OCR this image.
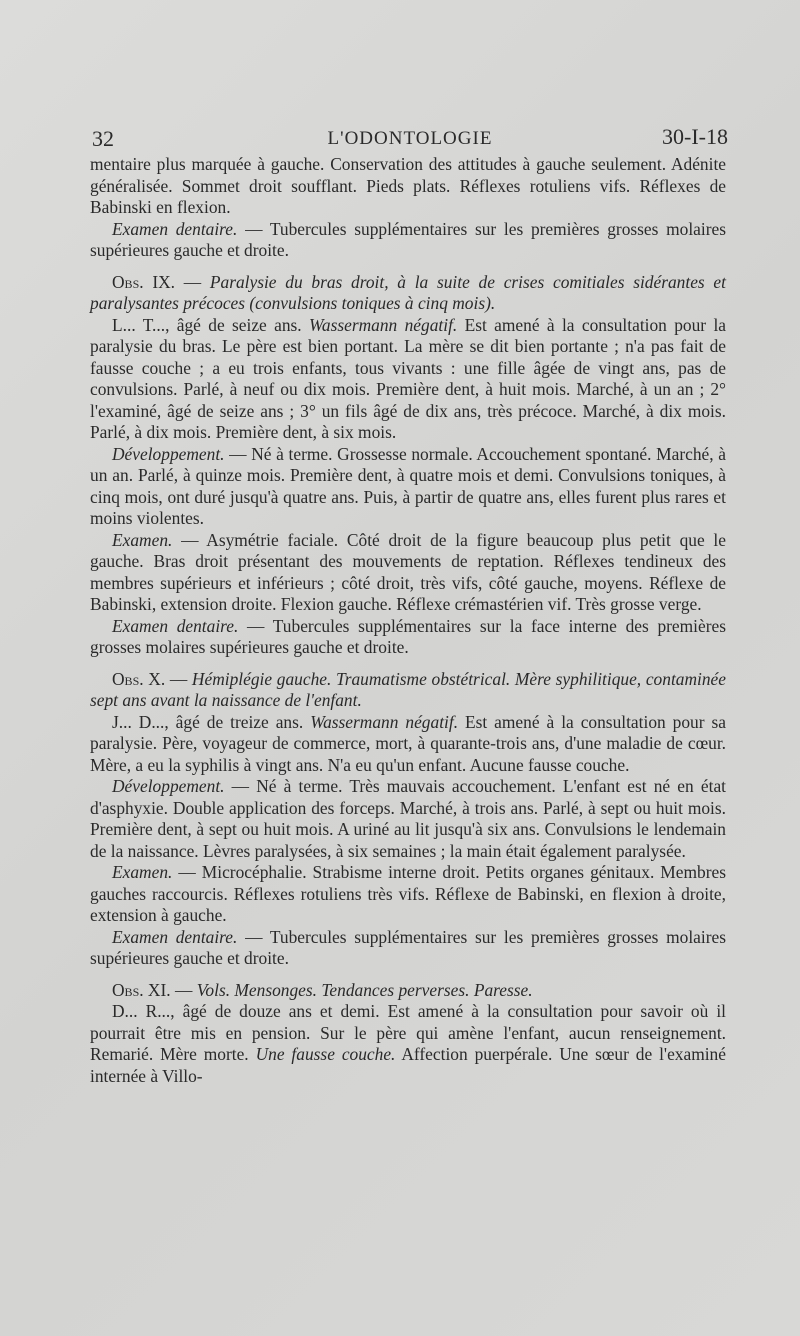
32	L'ODONTOLOGIE	30-I-18

mentaire plus marquée à gauche. Conservation des attitudes à gauche seulement. Adénite généralisée. Sommet droit soufflant. Pieds plats. Réflexes rotuliens vifs. Réflexes de Babinski en flexion.

Examen dentaire. — Tubercules supplémentaires sur les premières grosses molaires supérieures gauche et droite.

Obs. IX. — Paralysie du bras droit, à la suite de crises comitiales sidérantes et paralysantes précoces (convulsions toniques à cinq mois).

L... T..., âgé de seize ans. Wassermann négatif. Est amené à la consultation pour la paralysie du bras. Le père est bien portant. La mère se dit bien portante ; n'a pas fait de fausse couche ; a eu trois enfants, tous vivants : une fille âgée de vingt ans, pas de convulsions. Parlé, à neuf ou dix mois. Première dent, à huit mois. Marché, à un an ; 2° l'examiné, âgé de seize ans ; 3° un fils âgé de dix ans, très précoce. Marché, à dix mois. Parlé, à dix mois. Première dent, à six mois.

Développement. — Né à terme. Grossesse normale. Accouchement spontané. Marché, à un an. Parlé, à quinze mois. Première dent, à quatre mois et demi. Convulsions toniques, à cinq mois, ont duré jusqu'à quatre ans. Puis, à partir de quatre ans, elles furent plus rares et moins violentes.

Examen. — Asymétrie faciale. Côté droit de la figure beaucoup plus petit que le gauche. Bras droit présentant des mouvements de reptation. Réflexes tendineux des membres supérieurs et inférieurs ; côté droit, très vifs, côté gauche, moyens. Réflexe de Babinski, extension droite. Flexion gauche. Réflexe crémastérien vif. Très grosse verge.

Examen dentaire. — Tubercules supplémentaires sur la face interne des premières grosses molaires supérieures gauche et droite.

Obs. X. — Hémiplégie gauche. Traumatisme obstétrical. Mère syphilitique, contaminée sept ans avant la naissance de l'enfant.

J... D..., âgé de treize ans. Wassermann négatif. Est amené à la consultation pour sa paralysie. Père, voyageur de commerce, mort, à quarante-trois ans, d'une maladie de cœur. Mère, a eu la syphilis à vingt ans. N'a eu qu'un enfant. Aucune fausse couche.

Développement. — Né à terme. Très mauvais accouchement. L'enfant est né en état d'asphyxie. Double application des forceps. Marché, à trois ans. Parlé, à sept ou huit mois. Première dent, à sept ou huit mois. A uriné au lit jusqu'à six ans. Convulsions le lendemain de la naissance. Lèvres paralysées, à six semaines ; la main était également paralysée.

Examen. — Microcéphalie. Strabisme interne droit. Petits organes génitaux. Membres gauches raccourcis. Réflexes rotuliens très vifs. Réflexe de Babinski, en flexion à droite, extension à gauche.

Examen dentaire. — Tubercules supplémentaires sur les premières grosses molaires supérieures gauche et droite.

Obs. XI. — Vols. Mensonges. Tendances perverses. Paresse.

D... R..., âgé de douze ans et demi. Est amené à la consultation pour savoir où il pourrait être mis en pension. Sur le père qui amène l'enfant, aucun renseignement. Remarié. Mère morte. Une fausse couche. Affection puerpérale. Une sœur de l'examiné internée à Villo-
